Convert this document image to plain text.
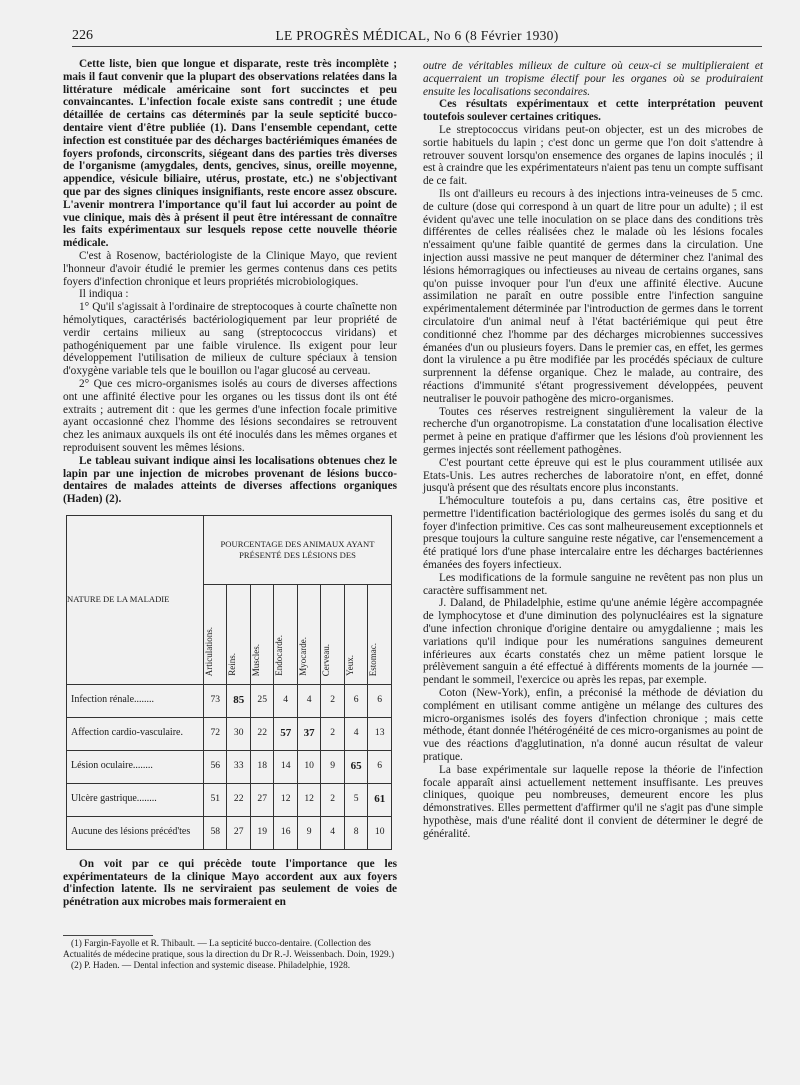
226	LE PROGRÈS MÉDICAL, No 6 (8 Février 1930)

Cette liste, bien que longue et disparate, reste très incomplète ; mais il faut convenir que la plupart des observations relatées dans la littérature médicale américaine sont fort succinctes et peu convaincantes. L'infection focale existe sans contredit ; une étude détaillée de certains cas déterminés par la seule septicité bucco-dentaire vient d'être publiée (1). Dans l'ensemble cependant, cette infection est constituée par des décharges bactériémiques émanées de foyers profonds, circonscrits, siégeant dans des parties très diverses de l'organisme (amygdales, dents, gencives, sinus, oreille moyenne, appendice, vésicule biliaire, utérus, prostate, etc.) ne s'objectivant que par des signes cliniques insignifiants, reste encore assez obscure. L'avenir montrera l'importance qu'il faut lui accorder au point de vue clinique, mais dès à présent il peut être intéressant de connaître les faits expérimentaux sur lesquels repose cette nouvelle théorie médicale.

C'est à Rosenow, bactériologiste de la Clinique Mayo, que revient l'honneur d'avoir étudié le premier les germes contenus dans ces petits foyers d'infection chronique et leurs propriétés microbiologiques.

Il indiqua :

1° Qu'il s'agissait à l'ordinaire de streptocoques à courte chaînette non hémolytiques, caractérisés bactériologiquement par leur propriété de verdir certains milieux au sang (streptococcus viridans) et pathogéniquement par une faible virulence. Ils exigent pour leur développement l'utilisation de milieux de culture spéciaux à tension d'oxygène variable tels que le bouillon ou l'agar glucosé au cerveau.

2° Que ces micro-organismes isolés au cours de diverses affections ont une affinité élective pour les organes ou les tissus dont ils ont été extraits ; autrement dit : que les germes d'une infection focale primitive ayant occasionné chez l'homme des lésions secondaires se retrouvent chez les animaux auxquels ils ont été inoculés dans les mêmes organes et reproduisent souvent les mêmes lésions.

Le tableau suivant indique ainsi les localisations obtenues chez le lapin par une injection de microbes provenant de lésions bucco-dentaires de malades atteints de diverses affections organiques (Haden) (2).

NATURE DE LA MALADIE	POURCENTAGE DES ANIMAUX AYANT PRÉSENTÉ DES LÉSIONS DES							
	Articulations.	Reins.	Muscles.	Endocarde.	Myocarde.	Cerveau.	Yeux.	Estomac.
Infection rénale........	73	85	25	4	4	2	6	6
Affection cardio-vasculaire.	72	30	22	57	37	2	4	13
Lésion oculaire........	56	33	18	14	10	9	65	6
Ulcère gastrique........	51	22	27	12	12	2	5	61
Aucune des lésions précéd'tes	58	27	19	16	9	4	8	10

On voit par ce qui précède toute l'importance que les expérimentateurs de la clinique Mayo accordent aux aux foyers d'infection latente. Ils ne serviraient pas seulement de voies de pénétration aux microbes mais formeraient en

(1) Fargin-Fayolle et R. Thibault. — La septicité bucco-dentaire. (Collection des Actualités de médecine pratique, sous la direction du Dr R.-J. Weissenbach. Doin, 1929.)

(2) P. Haden. — Dental infection and systemic disease. Philadelphie, 1928.

outre de véritables milieux de culture où ceux-ci se multiplieraient et acquerraient un tropisme électif pour les organes où se produiraient ensuite les localisations secondaires.

Ces résultats expérimentaux et cette interprétation peuvent toutefois soulever certaines critiques.

Le streptococcus viridans peut-on objecter, est un des microbes de sortie habituels du lapin ; c'est donc un germe que l'on doit s'attendre à retrouver souvent lorsqu'on ensemence des organes de lapins inoculés ; il est à craindre que les expérimentateurs n'aient pas tenu un compte suffisant de ce fait.

Ils ont d'ailleurs eu recours à des injections intra-veineuses de 5 cmc. de culture (dose qui correspond à un quart de litre pour un adulte) ; il est évident qu'avec une telle inoculation on se place dans des conditions très différentes de celles réalisées chez le malade où les lésions focales n'essaiment qu'une faible quantité de germes dans la circulation. Une injection aussi massive ne peut manquer de déterminer chez l'animal des lésions hémorragiques ou infectieuses au niveau de certains organes, sans qu'on puisse invoquer pour l'un d'eux une affinité élective. Aucune assimilation ne paraît en outre possible entre l'infection sanguine expérimentalement déterminée par l'introduction de germes dans le torrent circulatoire d'un animal neuf à l'état bactériémique qui peut être conditionné chez l'homme par des décharges microbiennes successives émanées d'un ou plusieurs foyers. Dans le premier cas, en effet, les germes dont la virulence a pu être modifiée par les procédés spéciaux de culture surprennent la défense organique. Chez le malade, au contraire, des réactions d'immunité s'étant progressivement développées, peuvent neutraliser le pouvoir pathogène des micro-organismes.

Toutes ces réserves restreignent singulièrement la valeur de la recherche d'un organotropisme. La constatation d'une localisation élective permet à peine en pratique d'affirmer que les lésions d'où proviennent les germes injectés sont réellement pathogènes.

C'est pourtant cette épreuve qui est le plus couramment utilisée aux Etats-Unis. Les autres recherches de laboratoire n'ont, en effet, donné jusqu'à présent que des résultats encore plus inconstants.

L'hémoculture toutefois a pu, dans certains cas, être positive et permettre l'identification bactériologique des germes isolés du sang et du foyer d'infection primitive. Ces cas sont malheureusement exceptionnels et presque toujours la culture sanguine reste négative, car l'ensemencement a été pratiqué lors d'une phase intercalaire entre les décharges bactériennes émanées des foyers infectieux.

Les modifications de la formule sanguine ne revêtent pas non plus un caractère suffisamment net.

J. Daland, de Philadelphie, estime qu'une anémie légère accompagnée de lymphocytose et d'une diminution des polynucléaires est la signature d'une infection chronique d'origine dentaire ou amygdalienne ; mais les variations qu'il indique pour les numérations sanguines demeurent inférieures aux écarts constatés chez un même patient lorsque le prélèvement sanguin a été effectué à différents moments de la journée — pendant le sommeil, l'exercice ou après les repas, par exemple.

Coton (New-York), enfin, a préconisé la méthode de déviation du complément en utilisant comme antigène un mélange des cultures des micro-organismes isolés des foyers d'infection chronique ; mais cette méthode, étant donnée l'hétérogénéité de ces micro-organismes au point de vue des réactions d'agglutination, n'a donné aucun résultat de valeur pratique.

La base expérimentale sur laquelle repose la théorie de l'infection focale apparaît ainsi actuellement nettement insuffisante. Les preuves cliniques, quoique peu nombreuses, demeurent encore les plus démonstratives. Elles permettent d'affirmer qu'il ne s'agit pas d'une simple hypothèse, mais d'une réalité dont il convient de déterminer le degré de généralité.
